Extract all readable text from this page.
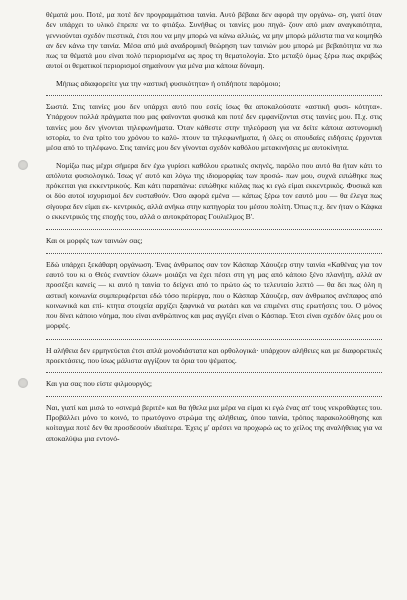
θέματά μου. Ποτέ, μα ποτέ δεν προγραμμάτισα ταινία. Αυτό βέβαια δεν αφορά την οργάνω- ση, γιατί όταν δεν υπάρχει το υλικό έπρεπε να το φτιάξω. Συνήθως οι ταινίες μου πηγά- ζουν από μιαν αναγκαιότητα, γεννιούνται σχεδόν πιεστικά, έτσι που να μην μπορώ να κάνω αλλιώς, να μην μπορώ μάλιστα πια να κοιμηθώ αν δεν κάνω την ταινία. Μέσα από μιά αναδρομική θεώρηση των ταινιών μου μπορώ με βεβαιότητα να πω πως τα θέματά μου είναι πολύ περιορισμένα ως προς τη θεματολογία. Στο μεταξύ όμως ξέρω πως ακριβώς αυτοί οι θεματικοί περιορισμοί σημαίνουν για μένα μια κάποια δύναμη.

Μήπως αδιαφορείτε για την «αστική φυσικότητα» ή οτιδήποτε παρόμοιο;

Σωστά. Στις ταινίες μου δεν υπάρχει αυτό που εσείς ίσως θα αποκαλούσατε «αστική φυσι- κότητα». Υπάρχουν πολλά πράγματα που μας φαίνονται φυσικά και ποτέ δεν εμφανίζονται στις ταινίες μου. Π.χ. στις ταινίες μου δεν γίνονται τηλεφωνήματα. Όταν κάθεστε στην τηλεόραση για να δείτε κάποια αστυνομική ιστορία, το ένα τρίτο του χρόνου το καλύ- πτουν τα τηλεφωνήματα, ή όλες οι σπουδαίες ειδήσεις έρχονται μέσα από το τηλέφωνο. Στις ταινίες μου δεν γίνονται σχεδόν καθόλου μετακινήσεις με αυτοκίνητα.

Νομίζω πως μέχρι σήμερα δεν έχω γυρίσει καθόλου ερωτικές σκηνές, παρόλο που αυτό θα ήταν κάτι το απόλυτα φυσιολογικό. Ίσως γι' αυτό και λόγω της ιδιομορφίας των προσώ- πων μου, συχνά ειπώθηκε πως πρόκειται για εκκεντρικούς. Και κάτι παραπάνω: ειπώθηκε κιόλας πως κι εγώ είμαι εκκεντρικός. Φυσικά και οι δύο αυτοί ισχυρισμοί δεν ευσταθούν. Όσο αφορά εμένα — κάπως ξέρω τον εαυτό μου — θα έλεγα πως σίγουρα δεν είμαι εκ- κεντρικός, αλλά ανήκω στην κατηγορία του μέσου πολίτη. Όπως π.χ. δεν ήταν ο Κάφκα ο εκκεντρικός της εποχής του, αλλά ο αυτοκράτορας Γουλιέλμος Β'.

Και οι μορφές των ταινιών σας;

Εδώ υπάρχει ξεκάθαρη οργάνωση. Ένας άνθρωπος σαν τον Κάσπαρ Χάουζερ στην ταινία «Καθένας για τον εαυτό του κι ο Θεός εναντίον όλων» μοιάζει να έχει πέσει στη γη μας από κάποιο ξένο πλανήτη, αλλά αν προσέξει κανείς — κι αυτό η ταινία το δείχνει από το πρώτο ώς το τελευταίο λεπτό — θα δει πως όλη η αστική κοινωνία συμπεριφέρεται εδώ τόσο περίεργα, που ο Κάσπαρ Χάουζερ, σαν άνθρωπος ανέπαφος από κοινωνικά και επί- κτητα στοιχεία αρχίζει ξαφνικά να ρωτάει και να επιμένει στις ερωτήσεις του. Ο μόνος που δίνει κάποιο νόημα, που είναι ανθρώπινος και μας αγγίζει είναι ο Κάσπαρ. Έτσι είναι σχεδόν όλες μου οι μορφές.

Η αλήθεια δεν ερμηνεύεται έτσι απλά μονοδιάστατα και ορθολογικά· υπάρχουν αλήθειες και με διαφορετικές προεκτάσεις, που ίσως μάλιστα αγγίζουν τα όρια του ψέματος.

Και για σας που είστε φιλμουργός;

Ναι, γιατί και μισώ το «σινεμά βεριτέ» και θα ήθελα μια μέρα να είμαι κι εγώ ένας απ' τους νεκροθάφτες του. Προβάλλει μόνο το κοινό, το πρωτόγονο στρώμα της αλήθειας, όπου ταινία, τρόπος παρακολούθησης και κοίταγμα ποτέ δεν θα προσδεσούν ιδιαίτερα. Έχεις μ' αρέσει να προχωρώ ως το χείλος της αναλήθειας για να αποκαλύψω μια εντονό-
